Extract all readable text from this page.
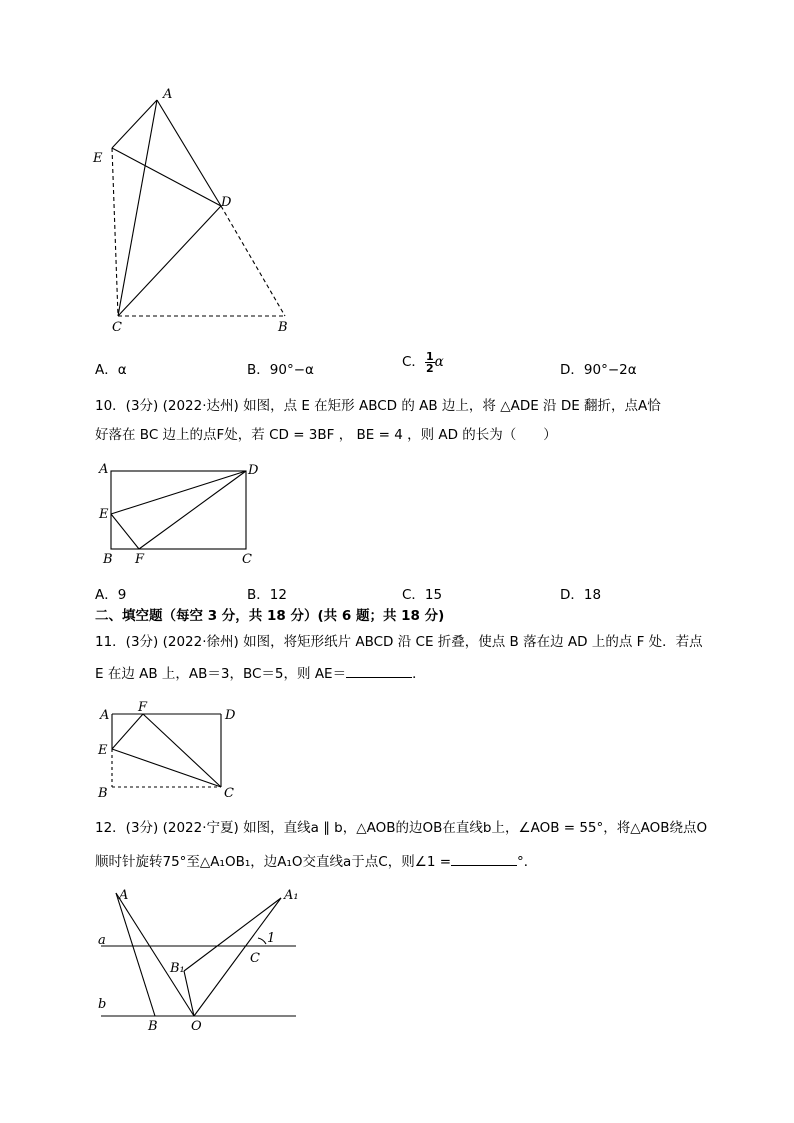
A
E
D
C	B
A．α	B．90°−α	C． $\frac{1}{2}$ α	D．90°−2α
10．(3分) (2022·达州) 如图，点 E 在矩形 ABCD 的 AB 边上，将 △ADE 沿 DE 翻折，点A恰
好落在 BC 边上的点F处，若 CD = 3BF ， BE = 4 ，则 AD 的长为（　　）
A	D
E
B F	C
A．9	B．12	C．15	D．18
二、填空题（每空 3 分，共 18 分）(共 6 题；共 18 分)
11．(3分) (2022·徐州) 如图，将矩形纸片 ABCD 沿 CE 折叠，使点 B 落在边 AD 上的点 F 处．若点
E 在边 AB 上，AB＝3，BC＝5，则 AE＝	．
A
F
D
E
B	C
12．(3分) (2022·宁夏) 如图，直线a ∥ b，△AOB的边OB在直线b上，∠AOB = 55°，将△AOB绕点O
顺时针旋转75°至△A₁OB₁，边A₁O交直线a于点C，则∠1 =	°．
A	A₁
a	1
B₁
C
b
B	O
